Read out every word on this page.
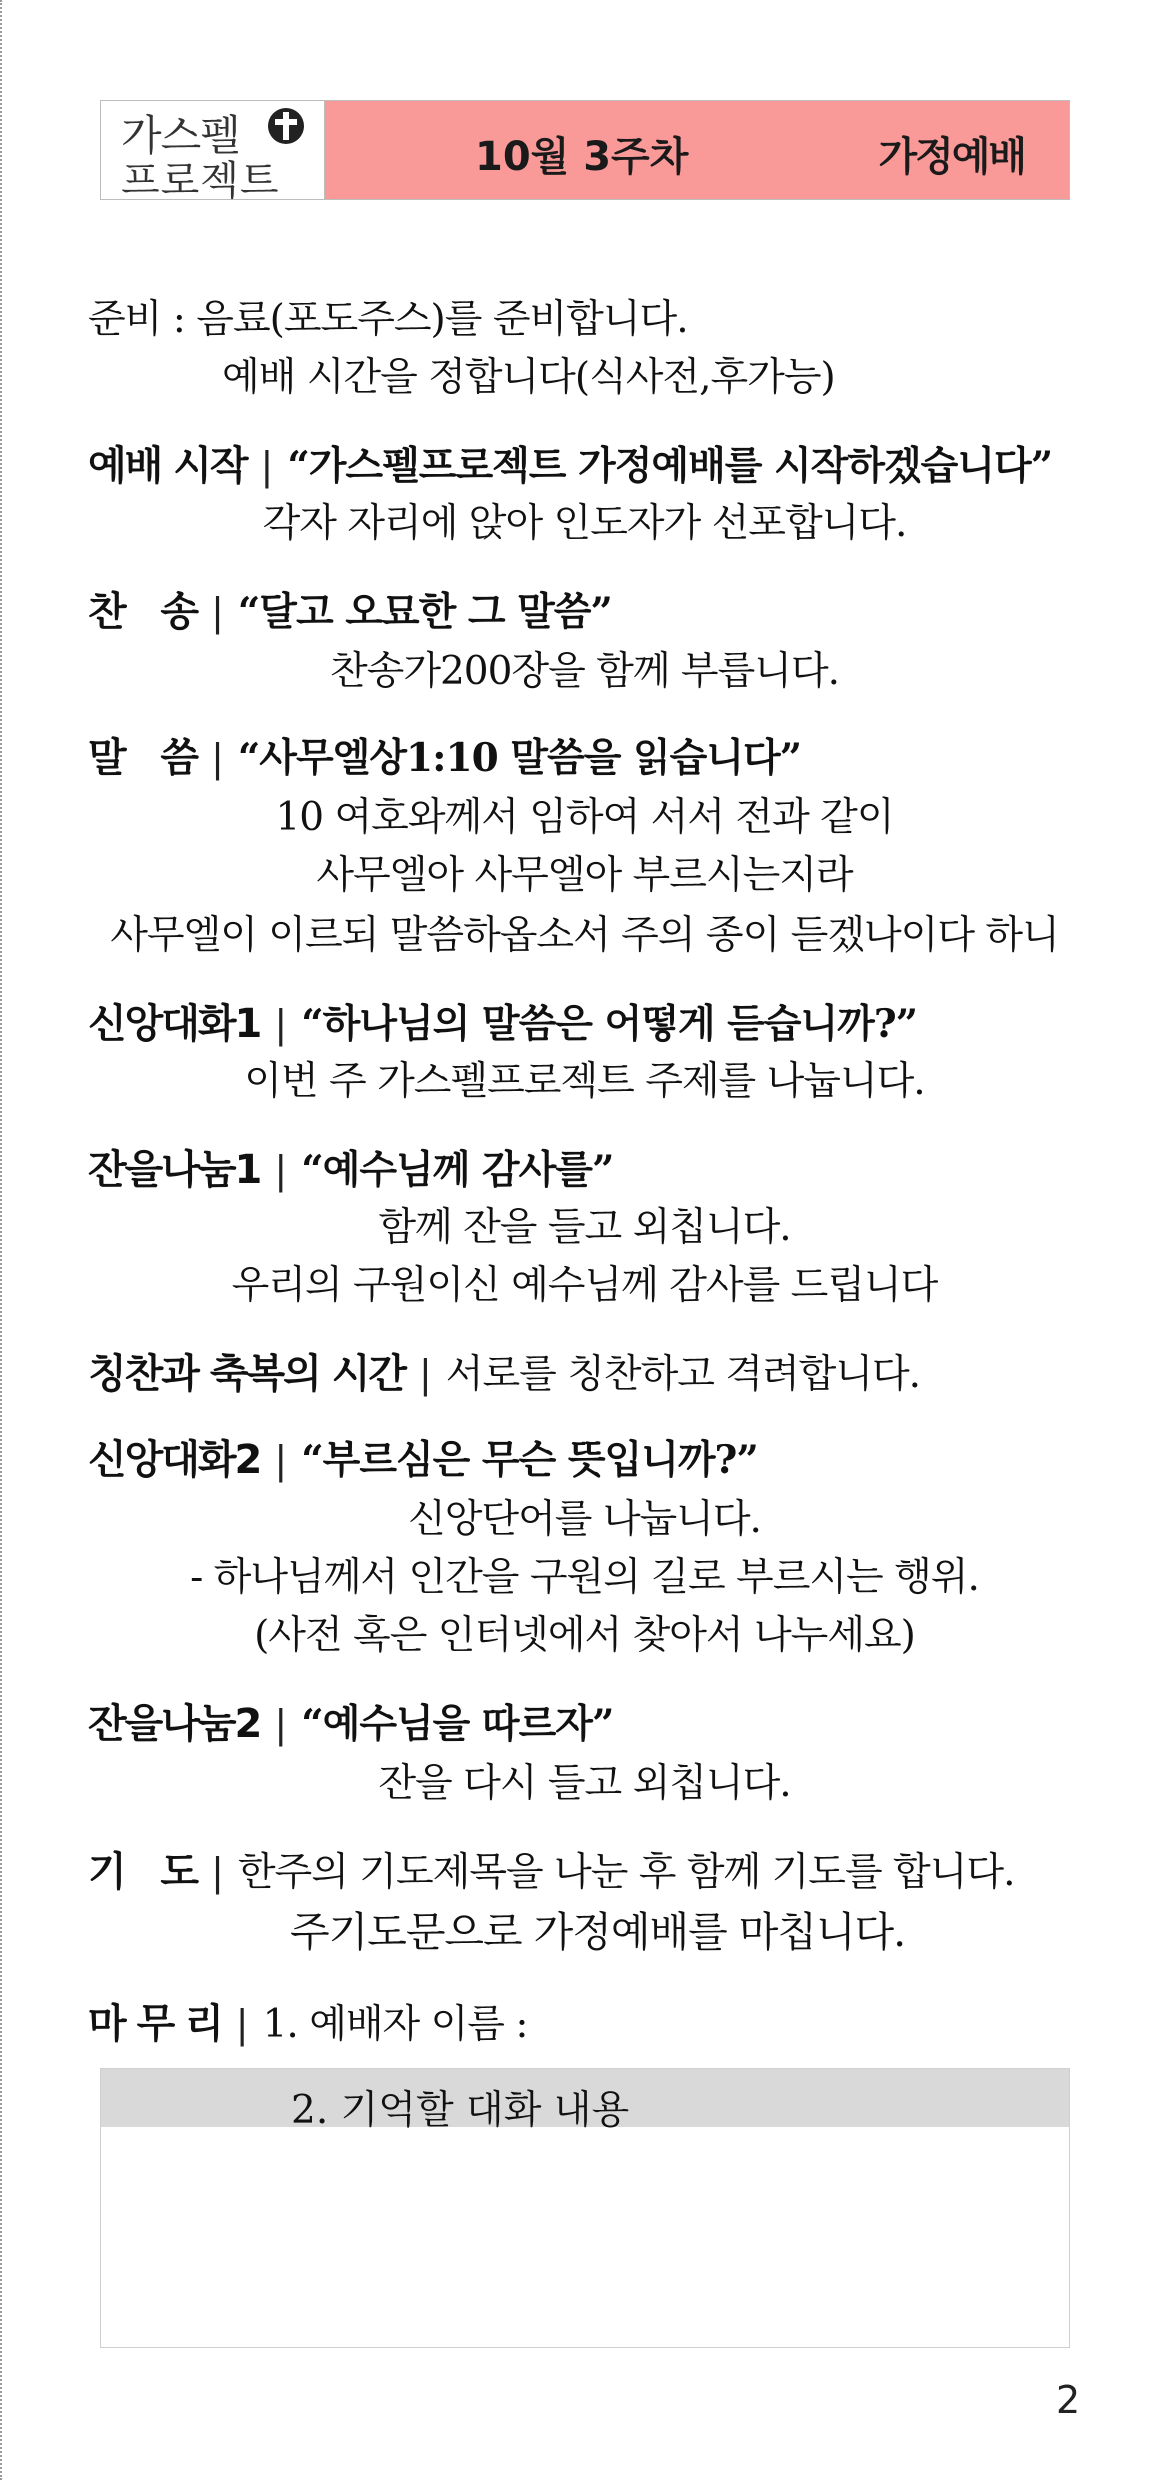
가스펠
프로젝트
10월 3주차	가정예배
준비 : 음료(포도주스)를 준비합니다.
예배 시간을 정합니다(식사전,후가능)
예배 시작 | “가스펠프로젝트 가정예배를 시작하겠습니다”
각자 자리에 앉아 인도자가 선포합니다.
찬   송 | “달고 오묘한 그 말씀”
찬송가200장을 함께 부릅니다.
말   씀 | “사무엘상1:10 말씀을 읽습니다”
10 여호와께서 임하여 서서 전과 같이
사무엘아 사무엘아 부르시는지라
사무엘이 이르되 말씀하옵소서 주의 종이 듣겠나이다 하니
신앙대화1 | “하나님의 말씀은 어떻게 듣습니까?”
이번 주 가스펠프로젝트 주제를 나눕니다.
잔을나눔1 | “예수님께 감사를”
함께 잔을 들고 외칩니다.
우리의 구원이신 예수님께 감사를 드립니다
칭찬과 축복의 시간 | 서로를 칭찬하고 격려합니다.
신앙대화2 | “부르심은 무슨 뜻입니까?”
신앙단어를 나눕니다.
- 하나님께서 인간을 구원의 길로 부르시는 행위.
(사전 혹은 인터넷에서 찾아서 나누세요)
잔을나눔2 | “예수님을 따르자”
잔을 다시 들고 외칩니다.
기   도 | 한주의 기도제목을 나눈 후 함께 기도를 합니다.
주기도문으로 가정예배를 마칩니다.
마 무 리 | 1. 예배자 이름 :
2. 기억할 대화 내용
2
